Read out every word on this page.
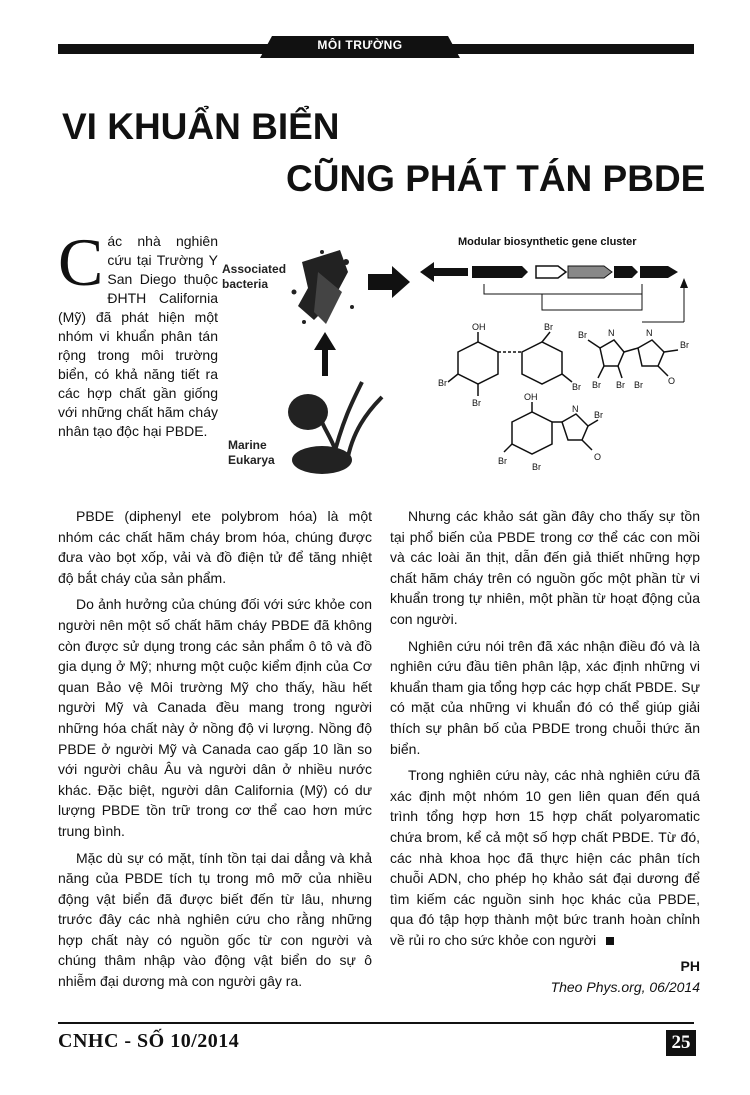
MÔI TRƯỜNG
VI KHUẨN BIỂN
CŨNG PHÁT TÁN PBDE
Các nhà nghiên cứu tại Trường Y San Diego thuộc ĐHTH California (Mỹ) đã phát hiện một nhóm vi khuẩn phân tán rộng trong môi trường biển, có khả năng tiết ra các hợp chất gần giống với những chất hãm cháy nhân tạo độc hại PBDE.
Associated bacteria
Marine Eukarya
Modular biosynthetic gene cluster
OH	Br
Br
Br
Br
Br N	N
Br Br Br
Br
O
OH
Br
Br
N
Br
O

PBDE (diphenyl ete polybrom hóa) là một nhóm các chất hãm cháy brom hóa, chúng được đưa vào bọt xốp, vải và đồ điện tử để tăng nhiệt độ bắt cháy của sản phẩm.

Do ảnh hưởng của chúng đối với sức khỏe con người nên một số chất hãm cháy PBDE đã không còn được sử dụng trong các sản phẩm ô tô và đồ gia dụng ở Mỹ; nhưng một cuộc kiểm định của Cơ quan Bảo vệ Môi trường Mỹ cho thấy, hầu hết người Mỹ và Canada đều mang trong người những hóa chất này ở nồng độ vi lượng. Nồng độ PBDE ở người Mỹ và Canada cao gấp 10 lần so với người châu Âu và người dân ở nhiều nước khác. Đặc biệt, người dân California (Mỹ) có dư lượng PBDE tồn trữ trong cơ thể cao hơn mức trung bình.

Mặc dù sự có mặt, tính tồn tại dai dẳng và khả năng của PBDE tích tụ trong mô mỡ của nhiều động vật biển đã được biết đến từ lâu, nhưng trước đây các nhà nghiên cứu cho rằng những hợp chất này có nguồn gốc từ con người và chúng thâm nhập vào động vật biển do sự ô nhiễm đại dương mà con người gây ra.

Nhưng các khảo sát gần đây cho thấy sự tồn tại phổ biến của PBDE trong cơ thể các con mồi và các loài ăn thịt, dẫn đến giả thiết những hợp chất hãm cháy trên có nguồn gốc một phần từ vi khuẩn trong tự nhiên, một phần từ hoạt động của con người.

Nghiên cứu nói trên đã xác nhận điều đó và là nghiên cứu đầu tiên phân lập, xác định những vi khuẩn tham gia tổng hợp các hợp chất PBDE. Sự có mặt của những vi khuẩn đó có thể giúp giải thích sự phân bố của PBDE trong chuỗi thức ăn biển.

Trong nghiên cứu này, các nhà nghiên cứu đã xác định một nhóm 10 gen liên quan đến quá trình tổng hợp hơn 15 hợp chất polyaromatic chứa brom, kể cả một số hợp chất PBDE. Từ đó, các nhà khoa học đã thực hiện các phân tích chuỗi ADN, cho phép họ khảo sát đại dương để tìm kiếm các nguồn sinh học khác của PBDE, qua đó tập hợp thành một bức tranh hoàn chỉnh về rủi ro cho sức khỏe con người

PH
Theo Phys.org, 06/2014
CNHC - SỐ 10/2014	25
